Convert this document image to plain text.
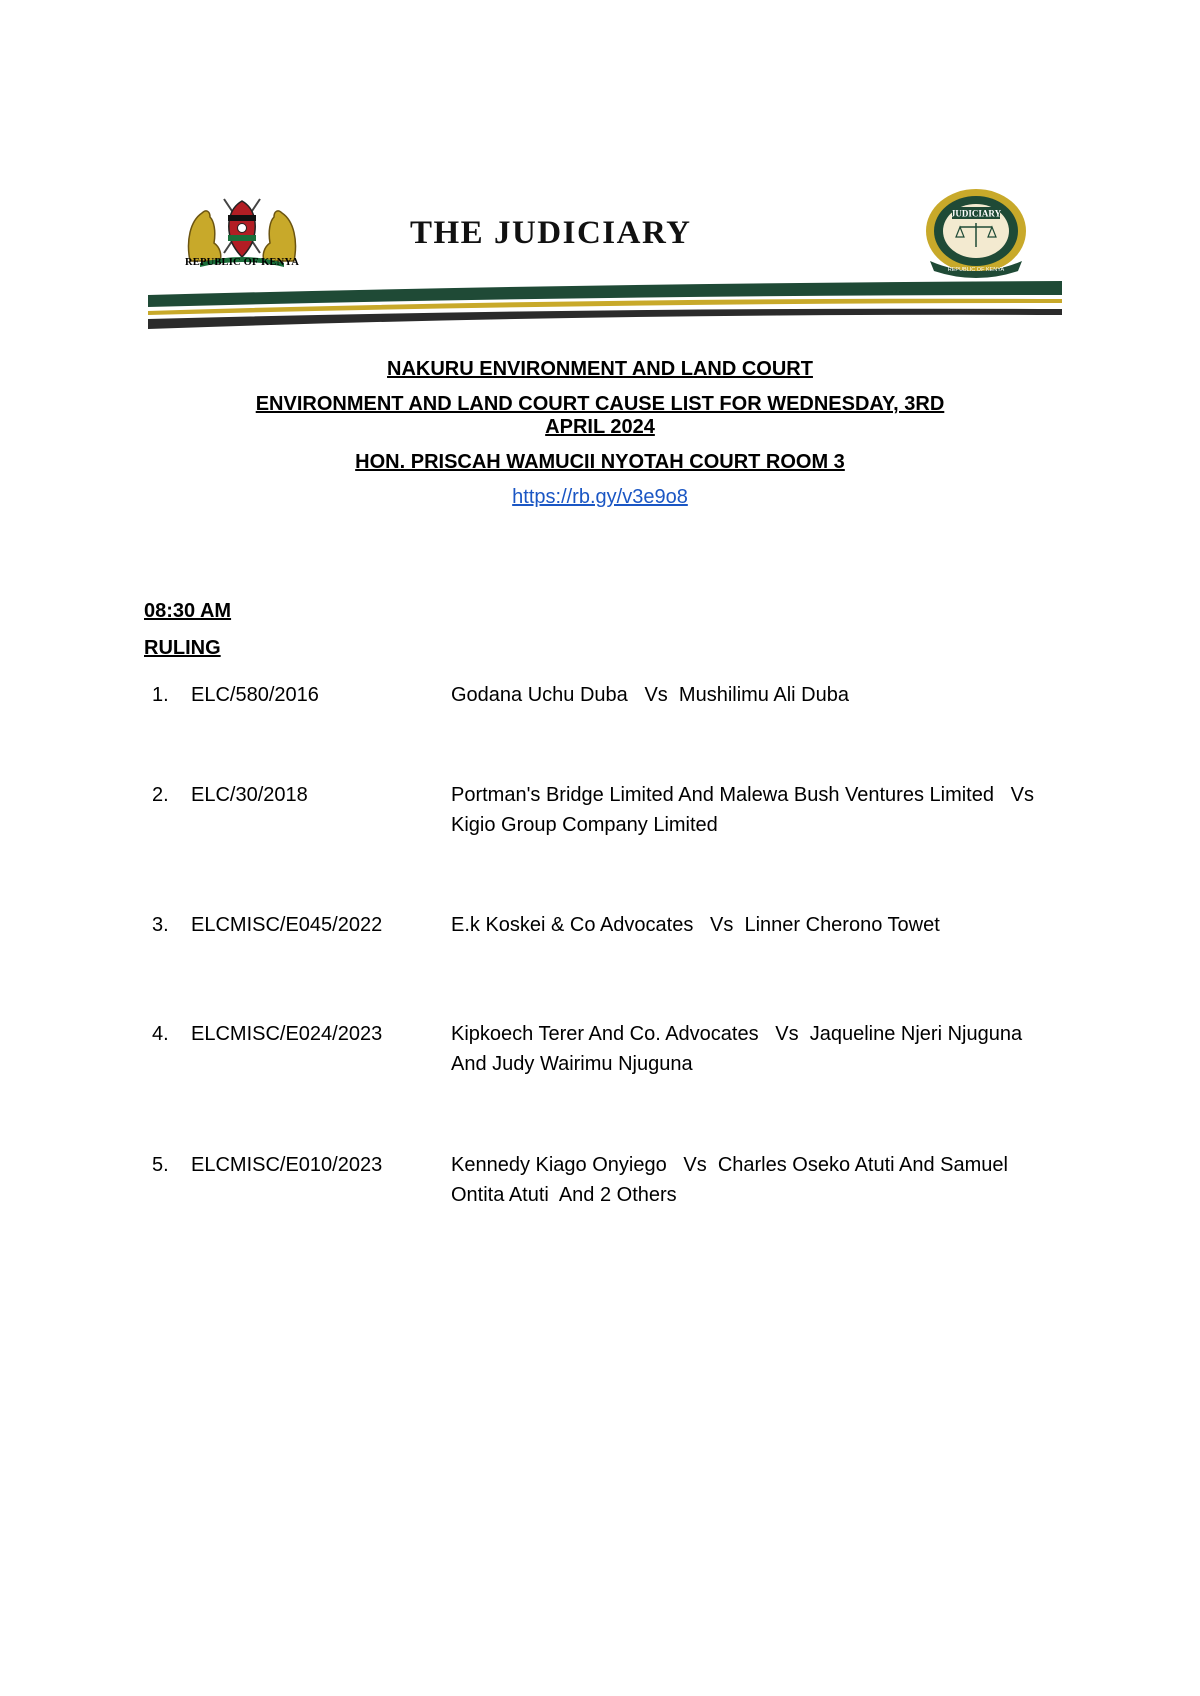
REPUBLIC OF KENYA
THE JUDICIARY
JUDICIARY
REPUBLIC OF KENYA
NAKURU ENVIRONMENT AND LAND COURT
ENVIRONMENT AND LAND COURT CAUSE LIST FOR WEDNESDAY, 3RD
APRIL 2024
HON. PRISCAH WAMUCII NYOTAH COURT ROOM 3
https://rb.gy/v3e9o8
08:30 AM
RULING
1.	ELC/580/2016	Godana Uchu Duba   Vs  Mushilimu Ali Duba
2.	ELC/30/2018	Portman's Bridge Limited And Malewa Bush Ventures Limited   Vs  Kigio Group Company Limited
3.	ELCMISC/E045/2022	E.k Koskei & Co Advocates   Vs  Linner Cherono Towet
4.	ELCMISC/E024/2023	Kipkoech Terer And Co. Advocates   Vs  Jaqueline Njeri Njuguna And Judy Wairimu Njuguna
5.	ELCMISC/E010/2023	Kennedy Kiago Onyiego   Vs  Charles Oseko Atuti And Samuel Ontita Atuti  And 2 Others
